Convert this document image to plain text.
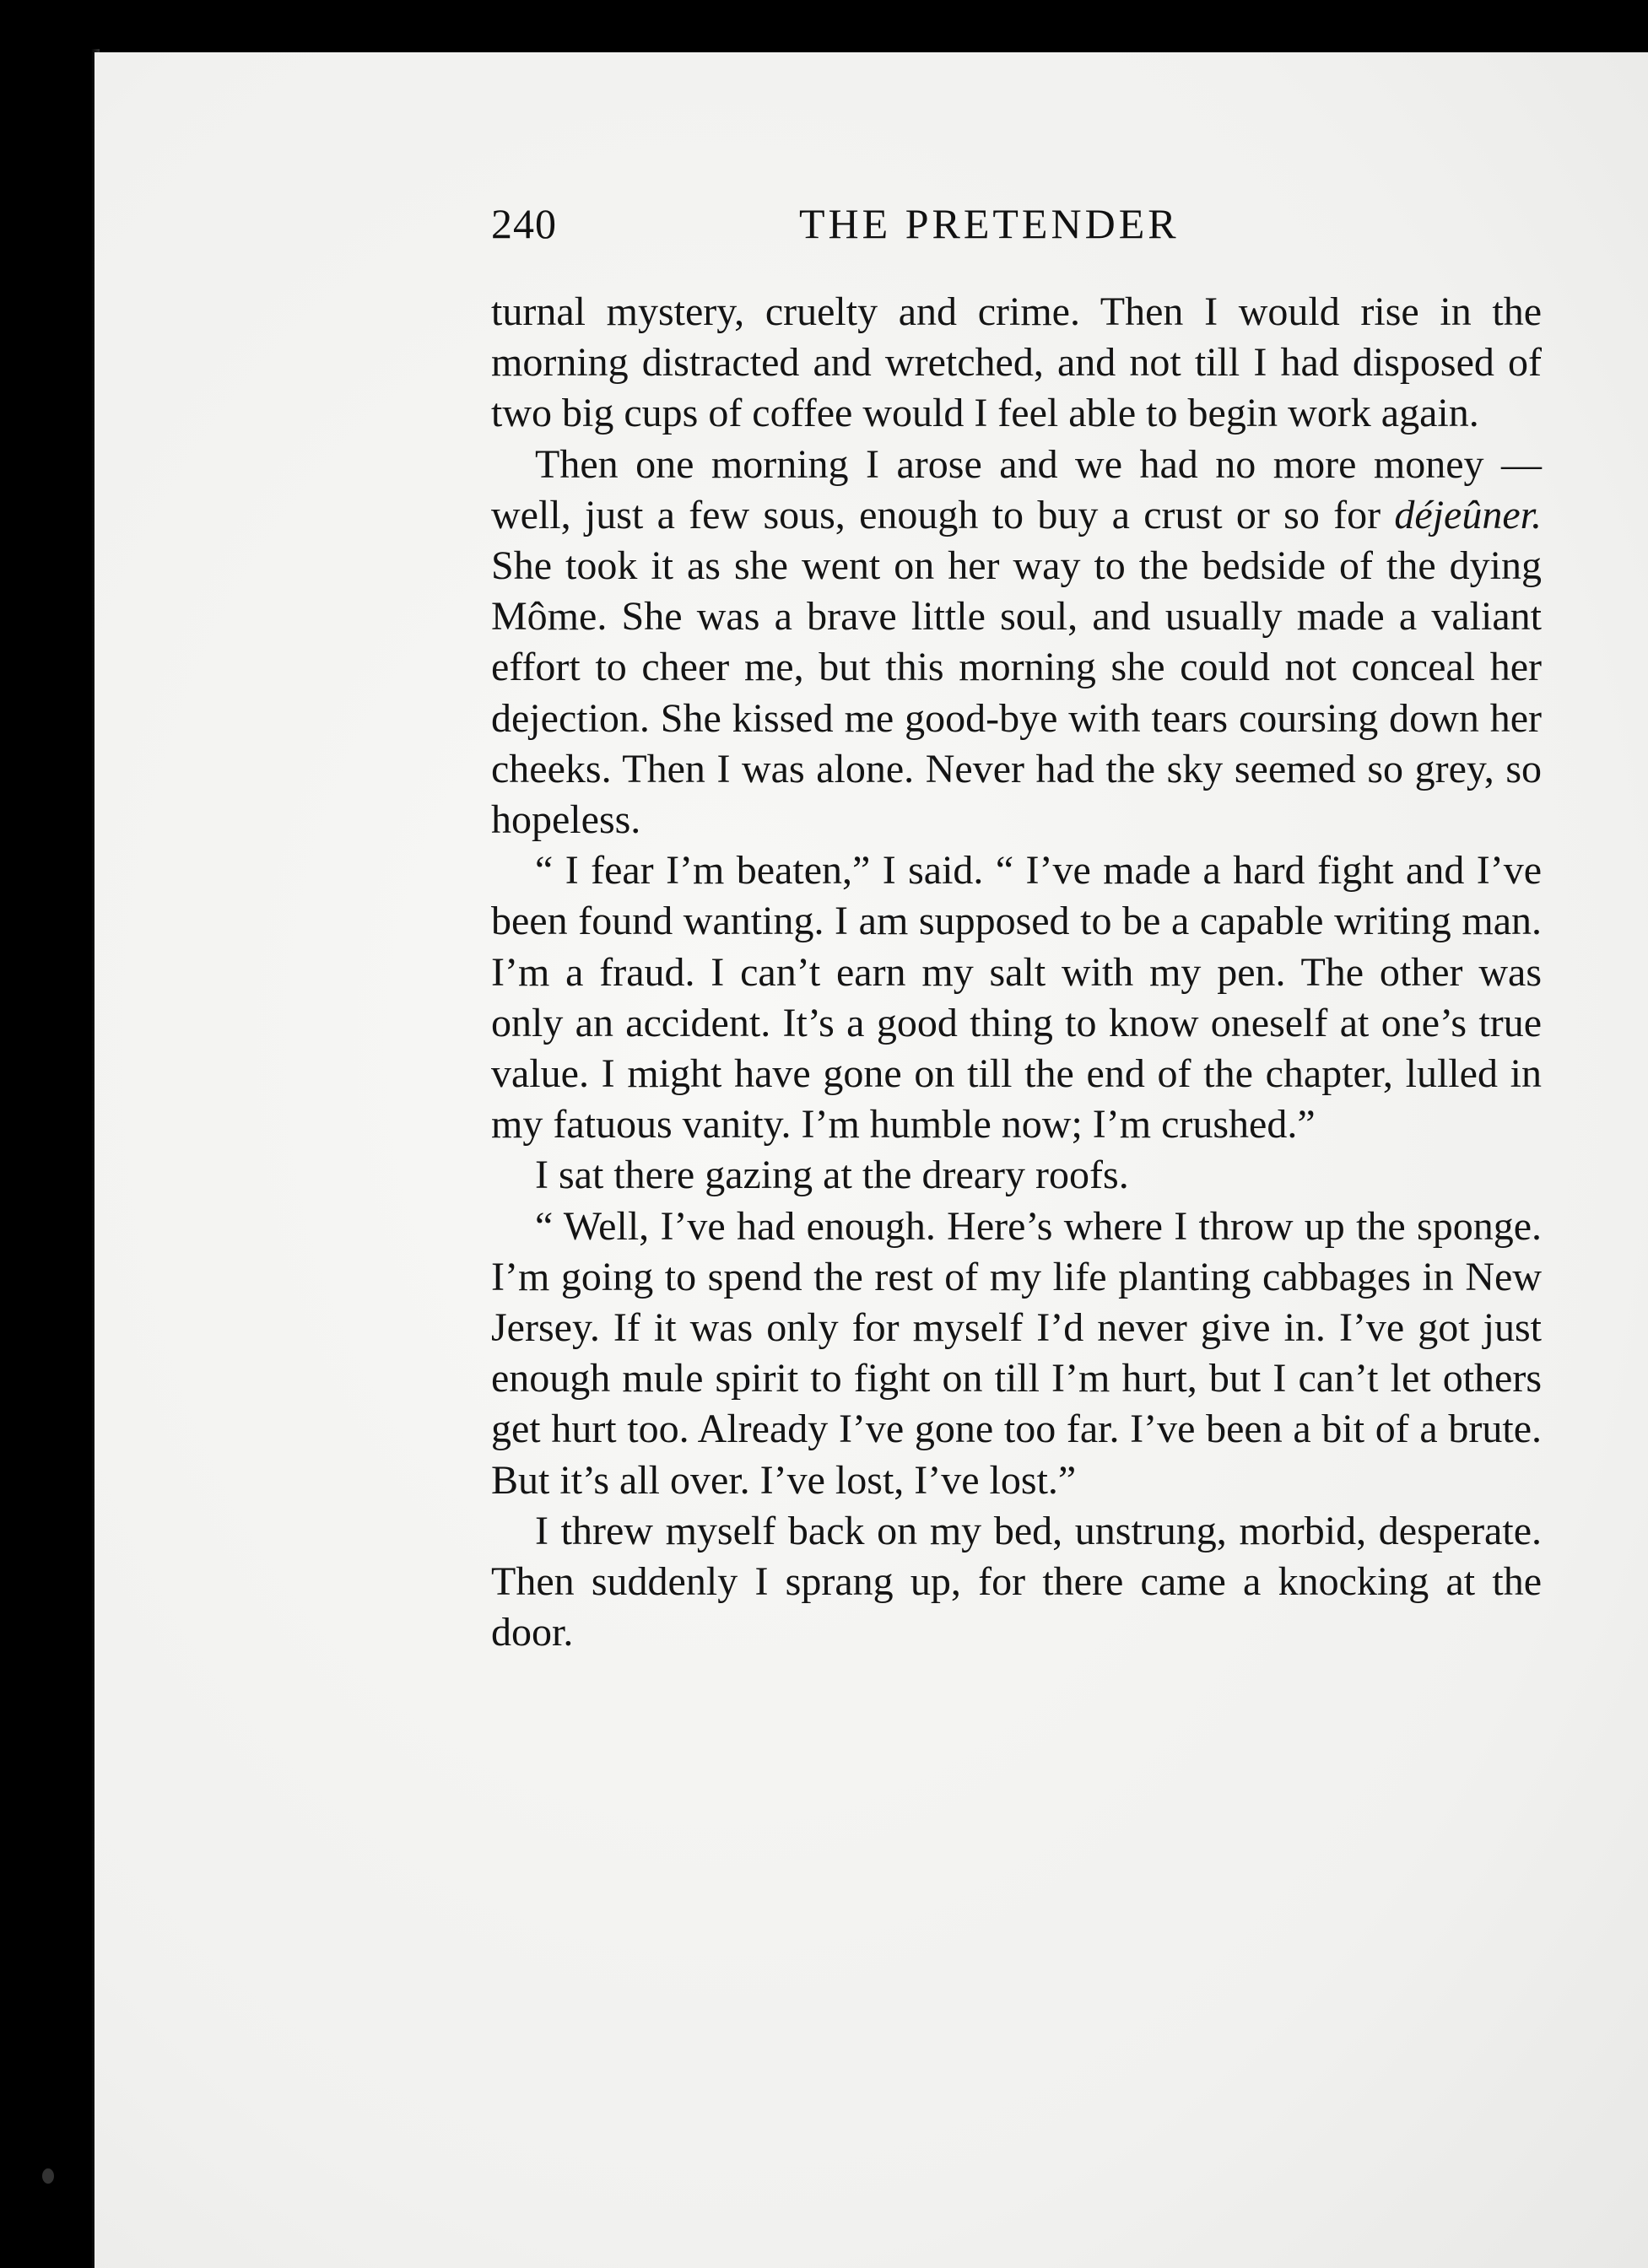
240	THE PRETENDER

turnal mystery, cruelty and crime. Then I would rise in the morning distracted and wretched, and not till I had disposed of two big cups of coffee would I feel able to begin work again.

Then one morning I arose and we had no more money — well, just a few sous, enough to buy a crust or so for déjeûner. She took it as she went on her way to the bedside of the dying Môme. She was a brave little soul, and usually made a valiant effort to cheer me, but this morning she could not conceal her dejection. She kissed me good-bye with tears coursing down her cheeks. Then I was alone. Never had the sky seemed so grey, so hopeless.

“ I fear I’m beaten,” I said. “ I’ve made a hard fight and I’ve been found wanting. I am supposed to be a capable writing man. I’m a fraud. I can’t earn my salt with my pen. The other was only an accident. It’s a good thing to know oneself at one’s true value. I might have gone on till the end of the chapter, lulled in my fatuous vanity. I’m humble now; I’m crushed.”

I sat there gazing at the dreary roofs.

“ Well, I’ve had enough. Here’s where I throw up the sponge. I’m going to spend the rest of my life planting cabbages in New Jersey. If it was only for myself I’d never give in. I’ve got just enough mule spirit to fight on till I’m hurt, but I can’t let others get hurt too. Already I’ve gone too far. I’ve been a bit of a brute. But it’s all over. I’ve lost, I’ve lost.”

I threw myself back on my bed, unstrung, morbid, desperate. Then suddenly I sprang up, for there came a knocking at the door.
